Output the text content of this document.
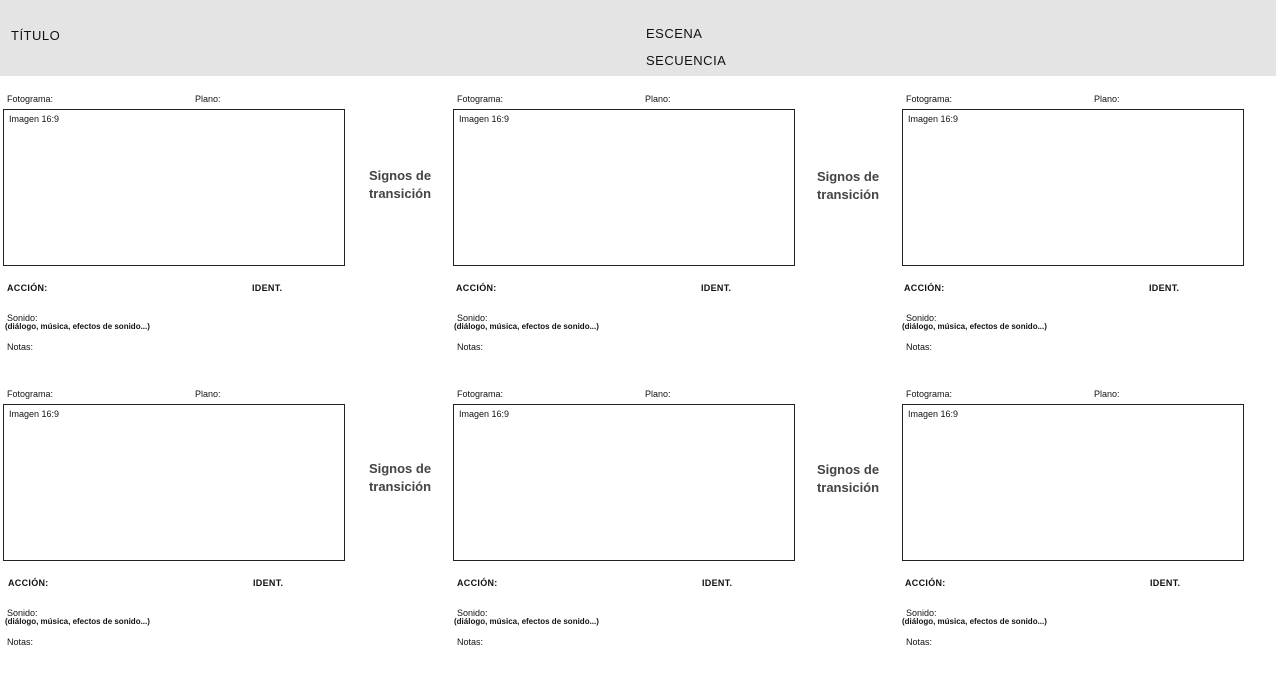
TÍTULO	ESCENA
SECUENCIA
Fotograma:	Plano:
Imagen 16:9
ACCIÓN:	IDENT.
Sonido:
(diálogo, música, efectos de sonido...)
Notas:
Signos de
transición
Fotograma:	Plano:
Imagen 16:9
ACCIÓN:	IDENT.
Sonido:
(diálogo, música, efectos de sonido...)
Notas:
Signos de
transición
Fotograma:	Plano:
Imagen 16:9
ACCIÓN:	IDENT.
Sonido:
(diálogo, música, efectos de sonido...)
Notas:
Fotograma:	Plano:
Imagen 16:9
ACCIÓN:	IDENT.
Sonido:
(diálogo, música, efectos de sonido...)
Notas:
Signos de
transición
Fotograma:	Plano:
Imagen 16:9
ACCIÓN:	IDENT.
Sonido:
(diálogo, música, efectos de sonido...)
Notas:
Signos de
transición
Fotograma:	Plano:
Imagen 16:9
ACCIÓN:	IDENT.
Sonido:
(diálogo, música, efectos de sonido...)
Notas:
